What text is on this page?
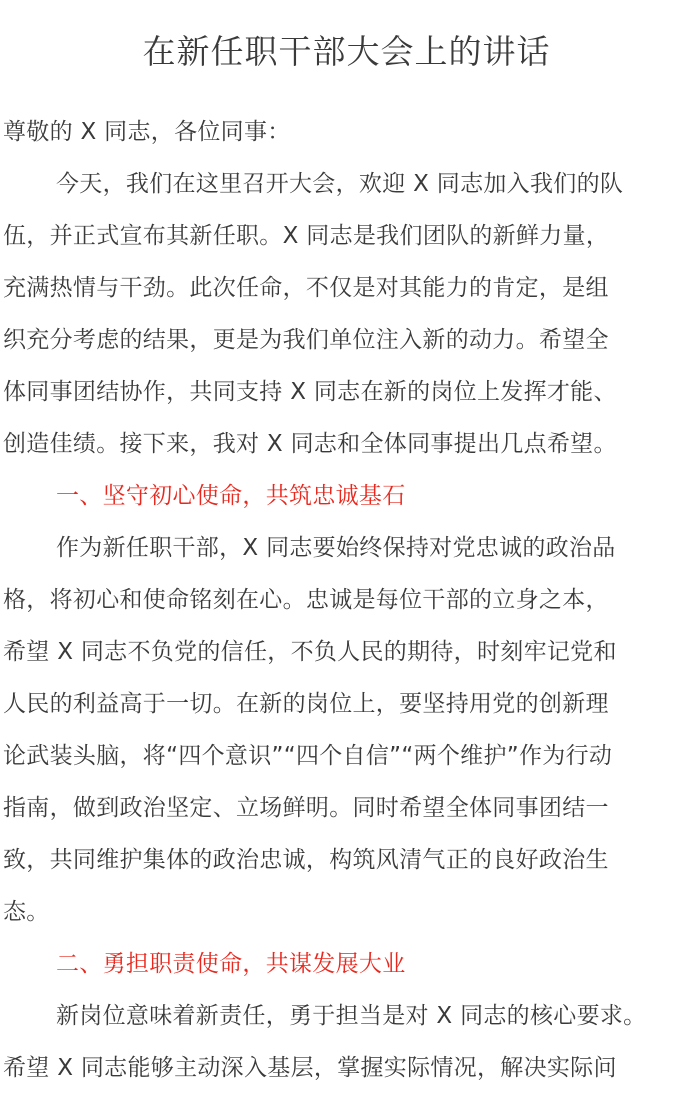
在新任职干部大会上的讲话
尊敬的 X 同志，各位同事：
今天，我们在这里召开大会，欢迎 X 同志加入我们的队
伍，并正式宣布其新任职。X 同志是我们团队的新鲜力量，
充满热情与干劲。此次任命，不仅是对其能力的肯定，是组
织充分考虑的结果，更是为我们单位注入新的动力。希望全
体同事团结协作，共同支持 X 同志在新的岗位上发挥才能、
创造佳绩。接下来，我对 X 同志和全体同事提出几点希望。
一、坚守初心使命，共筑忠诚基石
作为新任职干部，X 同志要始终保持对党忠诚的政治品
格，将初心和使命铭刻在心。忠诚是每位干部的立身之本，
希望 X 同志不负党的信任，不负人民的期待，时刻牢记党和
人民的利益高于一切。在新的岗位上，要坚持用党的创新理
论武装头脑，将“四个意识”“四个自信”“两个维护”作为行动
指南，做到政治坚定、立场鲜明。同时希望全体同事团结一
致，共同维护集体的政治忠诚，构筑风清气正的良好政治生
态。
二、勇担职责使命，共谋发展大业
新岗位意味着新责任，勇于担当是对 X 同志的核心要求。
希望 X 同志能够主动深入基层，掌握实际情况，解决实际问
